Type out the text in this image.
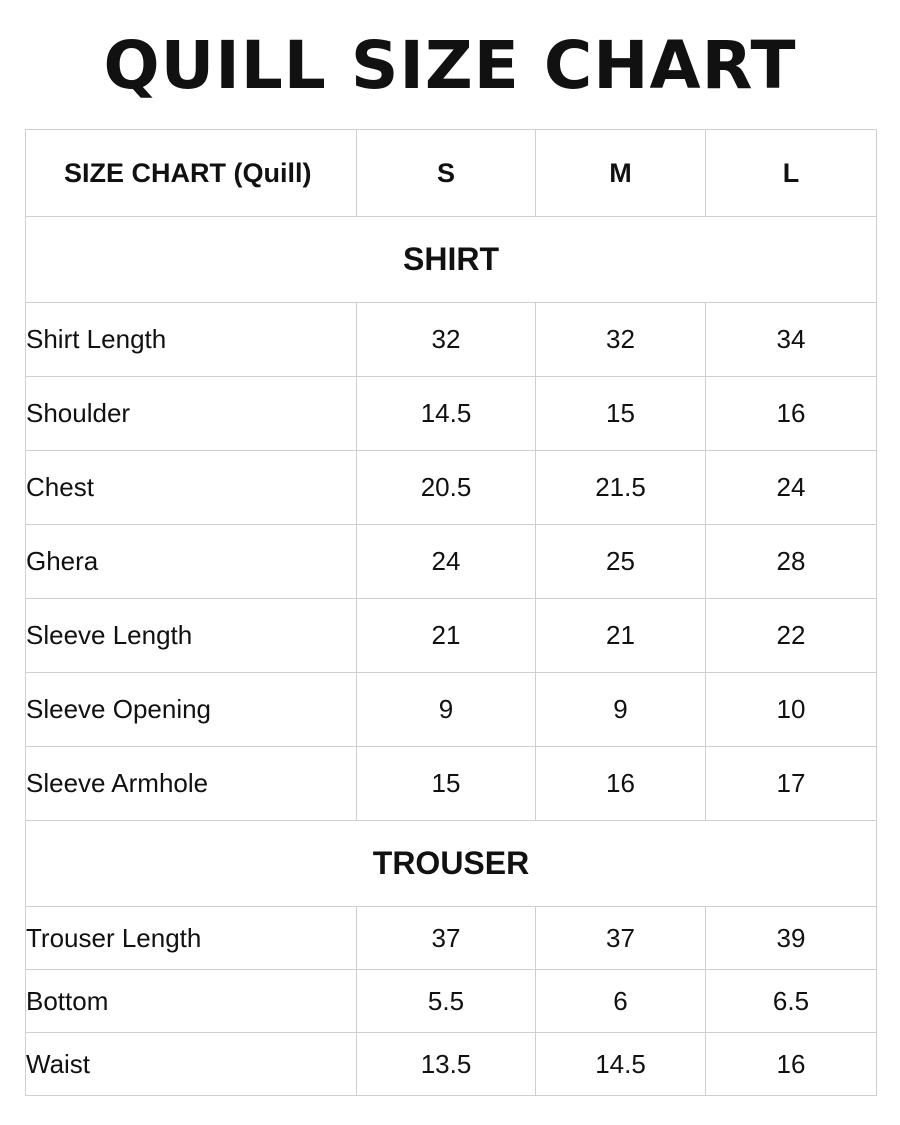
QUILL SIZE CHART
SIZE CHART (Quill)	S	M	L
SHIRT			
Shirt Length	32	32	34
Shoulder	14.5	15	16
Chest	20.5	21.5	24
Ghera	24	25	28
Sleeve Length	21	21	22
Sleeve Opening	9	9	10
Sleeve Armhole	15	16	17
TROUSER			
Trouser Length	37	37	39
Bottom	5.5	6	6.5
Waist	13.5	14.5	16
